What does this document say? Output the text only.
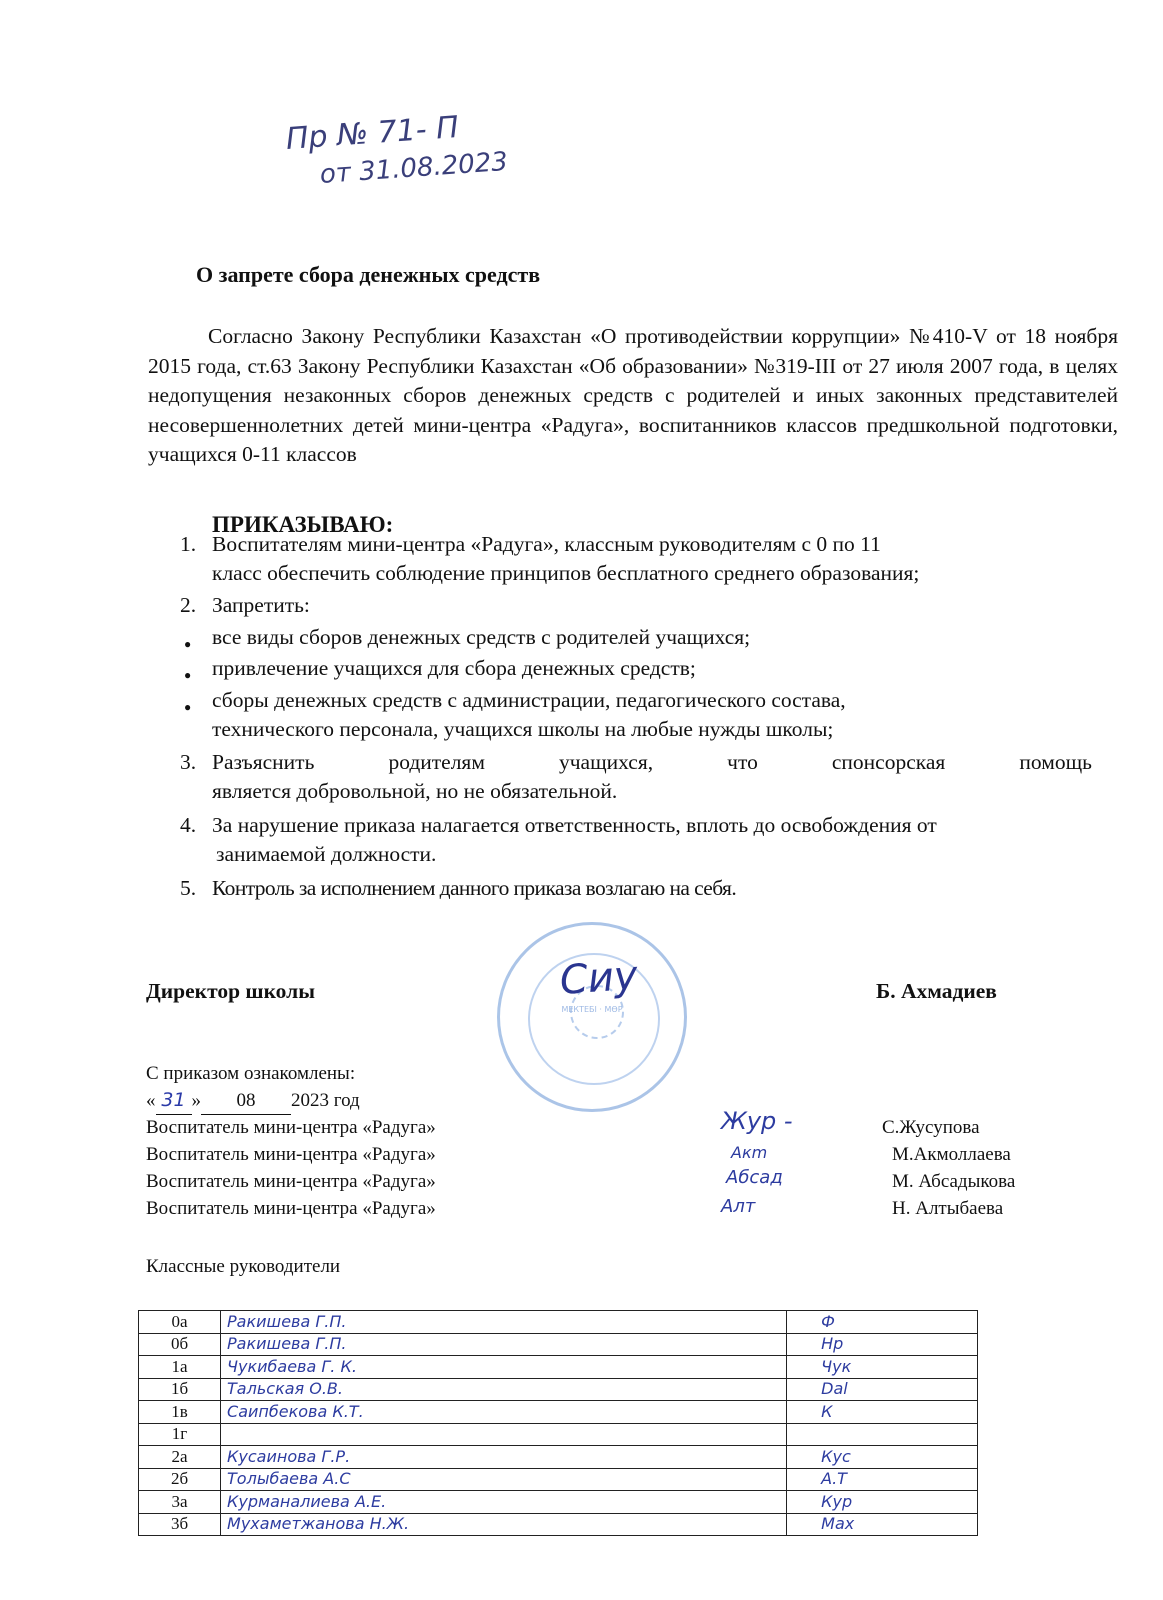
Пр № 71- П
от 31.08.2023
О запрете сбора денежных средств
Согласно Закону Республики Казахстан «О противодействии коррупции» №410-V от 18 ноября 2015 года, ст.63 Закону Республики Казахстан «Об образовании» №319-III от 27 июля 2007 года, в целях недопущения незаконных сборов денежных средств с родителей и иных законных представителей несовершеннолетних детей мини-центра «Радуга», воспитанников классов предшкольной подготовки, учащихся 0-11 классов
ПРИКАЗЫВАЮ:
1. Воспитателям мини-центра «Радуга», классным руководителям с 0 по 11
класс обеспечить соблюдение принципов бесплатного среднего образования;
2. Запретить:
● все виды сборов денежных средств с родителей учащихся;
● привлечение учащихся для сбора денежных средств;
● сборы денежных средств с администрации, педагогического состава,
технического персонала, учащихся школы на любые нужды школы;
3. Разъяснить	родителям	учащихся,	что	спонсорская	помощь
является добровольной, но не обязательной.
4. За нарушение приказа налагается ответственность, вплоть до освобождения от
занимаемой должности.
5. Контроль за исполнением данного приказа возлагаю на себя.
МЕКТЕБІ · МӨР
Директор школы	Сиу	Б. Ахмадиев
С приказом ознакомлены:
« 31 » 08 2023 год
Воспитатель мини-центра «Радуга»	Жур -	С.Жусупова
Воспитатель мини-центра «Радуга»	Aкm	М.Акмоллаева
Воспитатель мини-центра «Радуга»	Абсад	М. Абсадыкова
Воспитатель мини-центра «Радуга»	Алт	Н. Алтыбаева
Классные руководители
0а	Ракишева Г.П.	Ф
0б	Ракишева Г.П.	Нр
1а	Чукибаева Г. К.	Чук
1б	Тальская О.В.	Dal
1в	Саипбекова К.Т.	К
1г		
2а	Кусаинова Г.Р.	Кус
2б	Толыбаева А.С	А.Т
3а	Курманалиева А.Е.	Кур
3б	Мухаметжанова Н.Ж.	Мах
